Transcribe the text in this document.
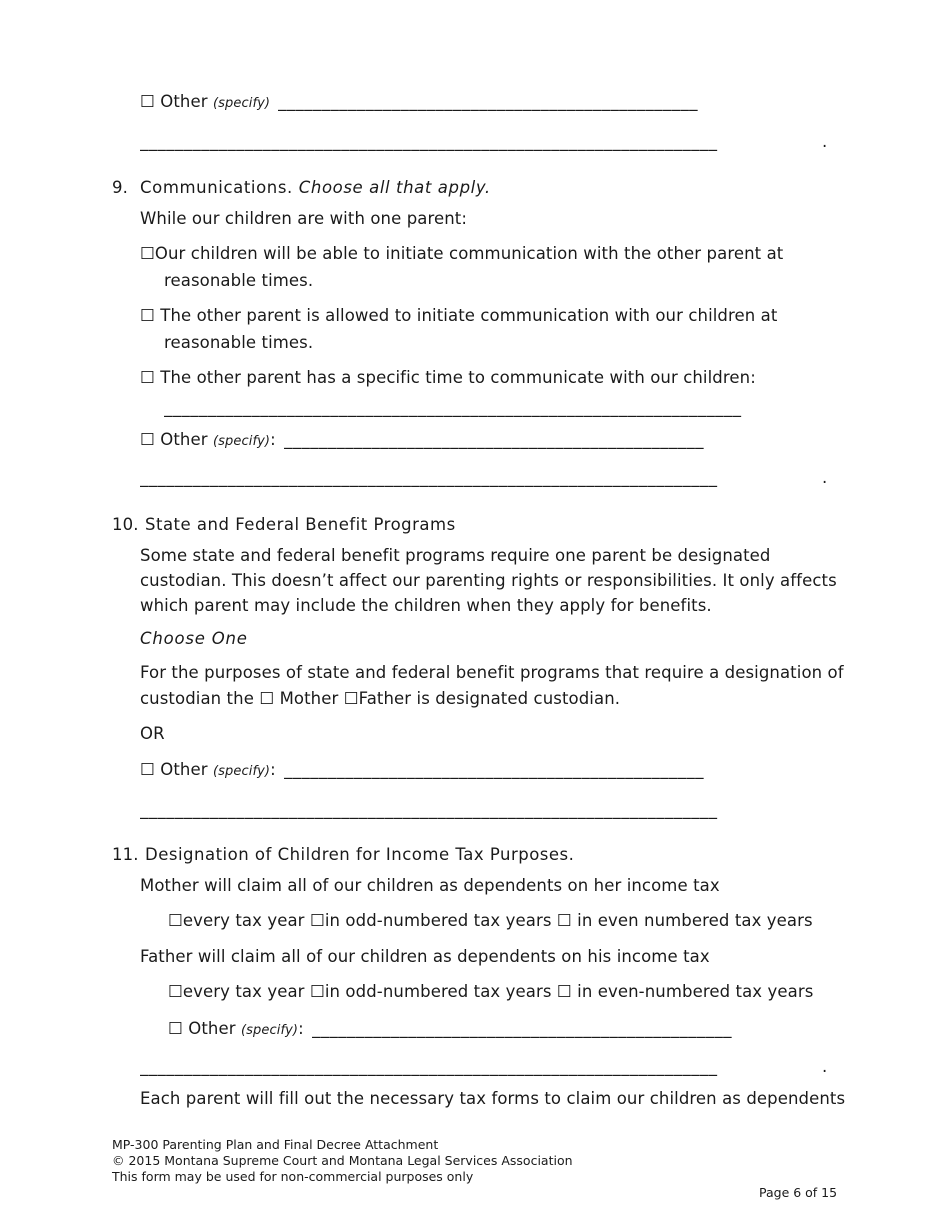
☐ Other (specify) ________________________________________________
__________________________________________________________________	.
9. Communications. Choose all that apply.
While our children are with one parent:
☐Our children will be able to initiate communication with the other parent at
reasonable times.
☐ The other parent is allowed to initiate communication with our children at
reasonable times.
☐ The other parent has a specific time to communicate with our children:
__________________________________________________________________
☐ Other (specify): ________________________________________________
__________________________________________________________________	.
10. State and Federal Benefit Programs
Some state and federal benefit programs require one parent be designated
custodian. This doesn’t affect our parenting rights or responsibilities. It only affects
which parent may include the children when they apply for benefits.
Choose One
For the purposes of state and federal benefit programs that require a designation of
custodian the ☐ Mother ☐Father is designated custodian.
OR
☐ Other (specify): ________________________________________________
__________________________________________________________________
11. Designation of Children for Income Tax Purposes.
Mother will claim all of our children as dependents on her income tax
☐every tax year ☐in odd-numbered tax years ☐ in even numbered tax years
Father will claim all of our children as dependents on his income tax
☐every tax year ☐in odd-numbered tax years ☐ in even-numbered tax years
☐ Other (specify): ________________________________________________
__________________________________________________________________	.
Each parent will fill out the necessary tax forms to claim our children as dependents
MP-300 Parenting Plan and Final Decree Attachment
© 2015 Montana Supreme Court and Montana Legal Services Association
This form may be used for non-commercial purposes only
Page 6 of 15
